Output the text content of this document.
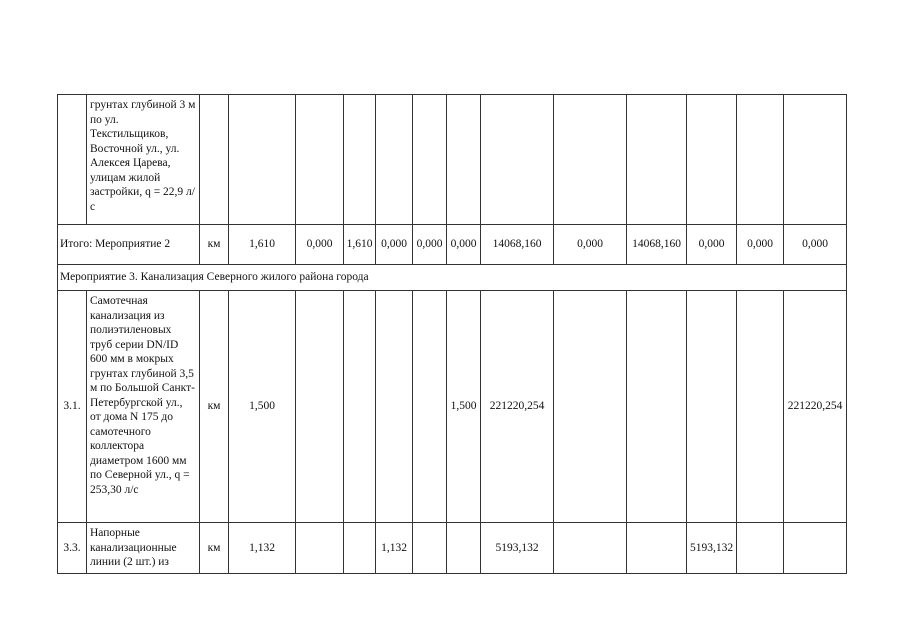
	грунтах глубиной 3 м по ул. Текстильщиков, Восточной ул., ул. Алексея Царева, улицам жилой застройки, q = 22,9 л/с													
Итого: Мероприятие 2		км	1,610	0,000	1,610	0,000	0,000	0,000	14068,160	0,000	14068,160	0,000	0,000	0,000
Мероприятие 3. Канализация Северного жилого района города														
3.1.	Самотечная канализация из полиэтиленовых труб серии DN/ID 600 мм в мокрых грунтах глубиной 3,5 м по Большой Санкт-Петербургской ул., от дома N 175 до самотечного коллектора диаметром 1600 мм по Северной ул., q = 253,30 л/с	км	1,500					1,500	221220,254					221220,254
3.3.	Напорные канализационные линии (2 шт.) из	км	1,132			1,132			5193,132			5193,132		
